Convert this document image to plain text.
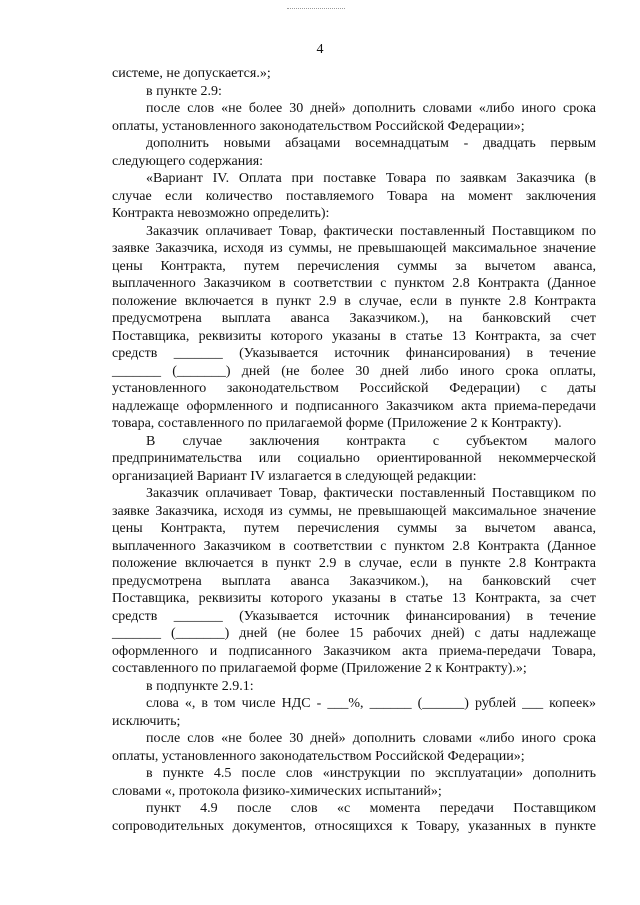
4
системе, не допускается.»;
в пункте 2.9:
после слов «не более 30 дней» дополнить словами «либо иного срока
оплаты, установленного законодательством Российской Федерации»;
дополнить новыми абзацами восемнадцатым - двадцать первым
следующего содержания:
«Вариант IV. Оплата при поставке Товара по заявкам Заказчика (в
случае если количество поставляемого Товара на момент заключения
Контракта невозможно определить):
Заказчик оплачивает Товар, фактически поставленный Поставщиком по
заявке Заказчика, исходя из суммы, не превышающей максимальное значение
цены Контракта, путем перечисления суммы за вычетом аванса,
выплаченного Заказчиком в соответствии с пунктом 2.8 Контракта (Данное
положение включается в пункт 2.9 в случае, если в пункте 2.8 Контракта
предусмотрена выплата аванса Заказчиком.), на банковский счет
Поставщика, реквизиты которого указаны в статье 13 Контракта, за счет
средств _______ (Указывается источник финансирования) в течение
_______ (_______) дней (не более 30 дней либо иного срока оплаты,
установленного законодательством Российской Федерации) с даты
надлежаще оформленного и подписанного Заказчиком акта приема-передачи
товара, составленного по прилагаемой форме (Приложение 2 к Контракту).
В случае заключения контракта с субъектом малого
предпринимательства или социально ориентированной некоммерческой
организацией Вариант IV излагается в следующей редакции:
Заказчик оплачивает Товар, фактически поставленный Поставщиком по
заявке Заказчика, исходя из суммы, не превышающей максимальное значение
цены Контракта, путем перечисления суммы за вычетом аванса,
выплаченного Заказчиком в соответствии с пунктом 2.8 Контракта (Данное
положение включается в пункт 2.9 в случае, если в пункте 2.8 Контракта
предусмотрена выплата аванса Заказчиком.), на банковский счет
Поставщика, реквизиты которого указаны в статье 13 Контракта, за счет
средств _______ (Указывается источник финансирования) в течение
_______ (_______) дней (не более 15 рабочих дней) с даты надлежаще
оформленного и подписанного Заказчиком акта приема-передачи Товара,
составленного по прилагаемой форме (Приложение 2 к Контракту).»;
в подпункте 2.9.1:
слова «, в том числе НДС - ___%, ______ (______) рублей ___ копеек»
исключить;
после слов «не более 30 дней» дополнить словами «либо иного срока
оплаты, установленного законодательством Российской Федерации»;
в пункте 4.5 после слов «инструкции по эксплуатации» дополнить
словами «, протокола физико-химических испытаний»;
пункт 4.9 после слов «с момента передачи Поставщиком
сопроводительных документов, относящихся к Товару, указанных в пункте
